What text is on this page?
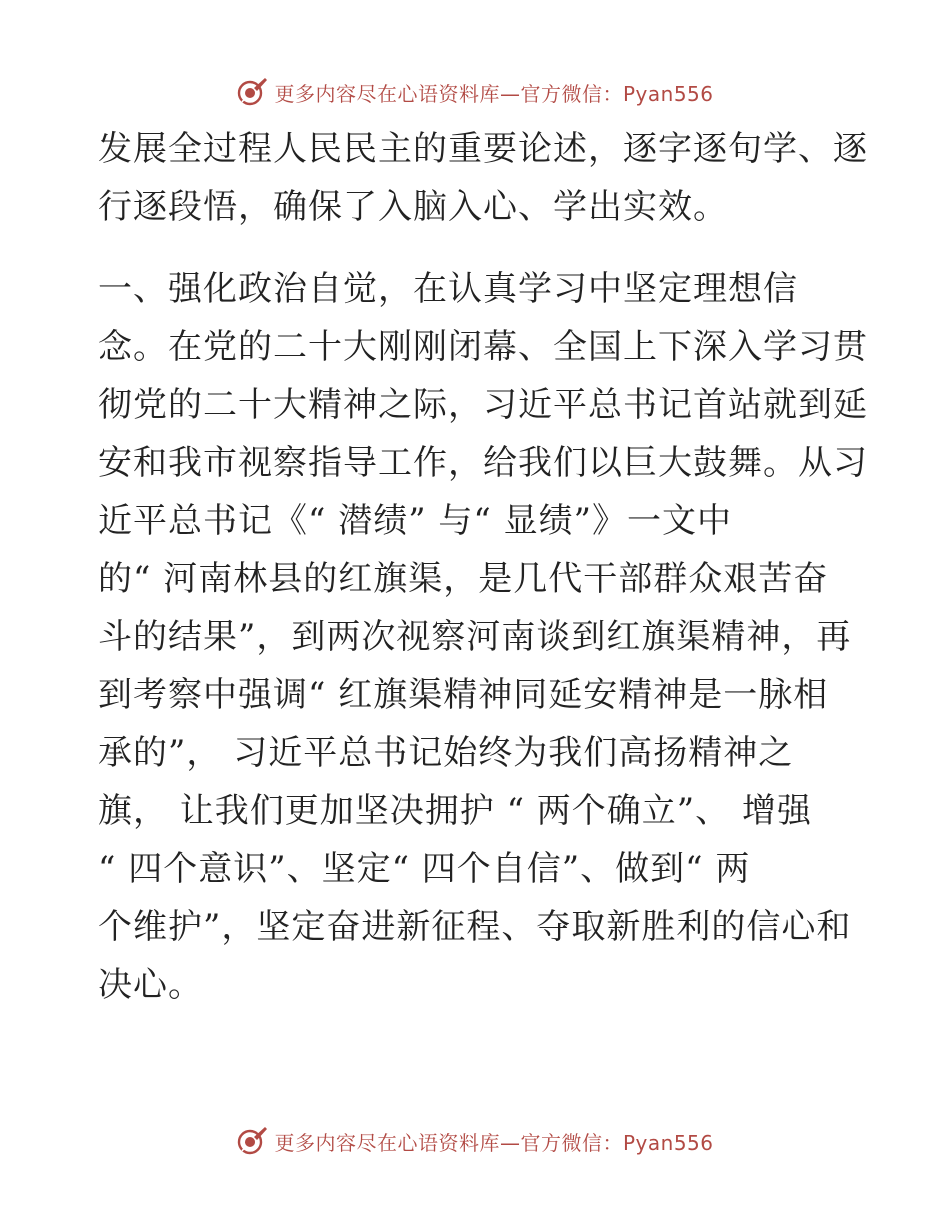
更多内容尽在心语资料库—官方微信：Pyan556
发展全过程人民民主的重要论述，逐字逐句学、逐
行逐段悟，确保了入脑入心、学出实效。
一、强化政治自觉，在认真学习中坚定理想信
念。在党的二十大刚刚闭幕、全国上下深入学习贯
彻党的二十大精神之际，习近平总书记首站就到延
安和我市视察指导工作，给我们以巨大鼓舞。从习
近平总书记《“ 潜绩” 与“ 显绩”》一文中
的“ 河南林县的红旗渠，是几代干部群众艰苦奋
斗的结果”，到两次视察河南谈到红旗渠精神，再
到考察中强调“ 红旗渠精神同延安精神是一脉相
承的”， 习近平总书记始终为我们高扬精神之
旗， 让我们更加坚决拥护 “ 两个确立”、 增强
“ 四个意识”、坚定“ 四个自信”、做到“ 两
个维护”，坚定奋进新征程、夺取新胜利的信心和
决心。
更多内容尽在心语资料库—官方微信：Pyan556
